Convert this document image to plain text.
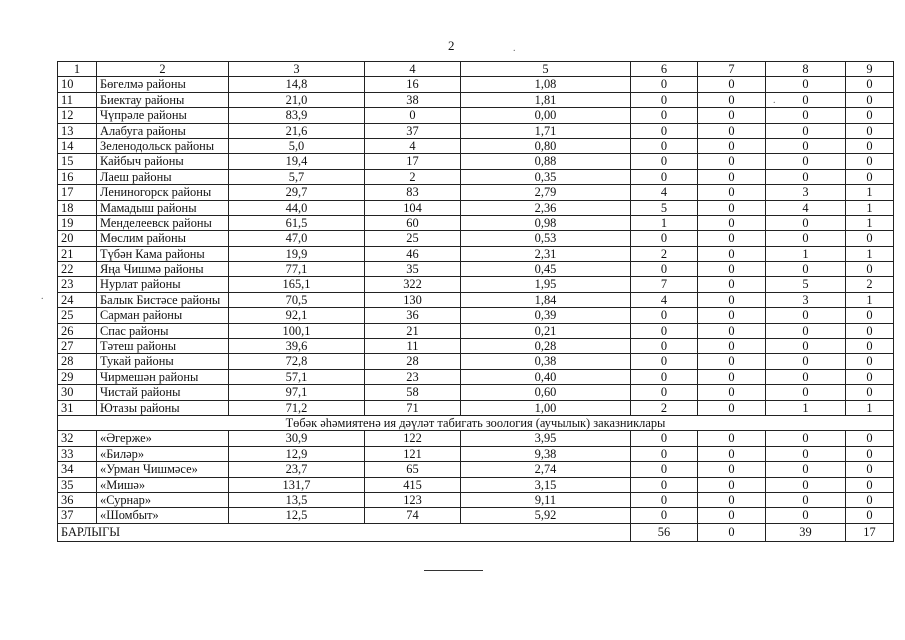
2	.
.
.
1	2	3	4	5	6	7	8	9
10	Бөгелмә районы	14,8	16	1,08	0	0	0	0
11	Биектау районы	21,0	38	1,81	0	0	0	0
12	Чүпрәле районы	83,9	0	0,00	0	0	0	0
13	Алабуга районы	21,6	37	1,71	0	0	0	0
14	Зеленодольск районы	5,0	4	0,80	0	0	0	0
15	Кайбыч районы	19,4	17	0,88	0	0	0	0
16	Лаеш районы	5,7	2	0,35	0	0	0	0
17	Лениногорск районы	29,7	83	2,79	4	0	3	1
18	Мамадыш районы	44,0	104	2,36	5	0	4	1
19	Менделеевск районы	61,5	60	0,98	1	0	0	1
20	Мөслим районы	47,0	25	0,53	0	0	0	0
21	Түбән Кама районы	19,9	46	2,31	2	0	1	1
22	Яңа Чишмә районы	77,1	35	0,45	0	0	0	0
23	Нурлат районы	165,1	322	1,95	7	0	5	2
24	Балык Бистәсе районы	70,5	130	1,84	4	0	3	1
25	Сарман районы	92,1	36	0,39	0	0	0	0
26	Спас районы	100,1	21	0,21	0	0	0	0
27	Тәтеш районы	39,6	11	0,28	0	0	0	0
28	Тукай районы	72,8	28	0,38	0	0	0	0
29	Чирмешән районы	57,1	23	0,40	0	0	0	0
30	Чистай районы	97,1	58	0,60	0	0	0	0
31	Ютазы районы	71,2	71	1,00	2	0	1	1
Төбәк әһәмиятенә ия дәүләт табигать зоология (аучылык) заказниклары								
32	«Әгерже»	30,9	122	3,95	0	0	0	0
33	«Биләр»	12,9	121	9,38	0	0	0	0
34	«Урман Чишмәсе»	23,7	65	2,74	0	0	0	0
35	«Мишә»	131,7	415	3,15	0	0	0	0
36	«Сурнар»	13,5	123	9,11	0	0	0	0
37	«Шомбыт»	12,5	74	5,92	0	0	0	0
БАРЛЫГЫ					56	0	39	17
